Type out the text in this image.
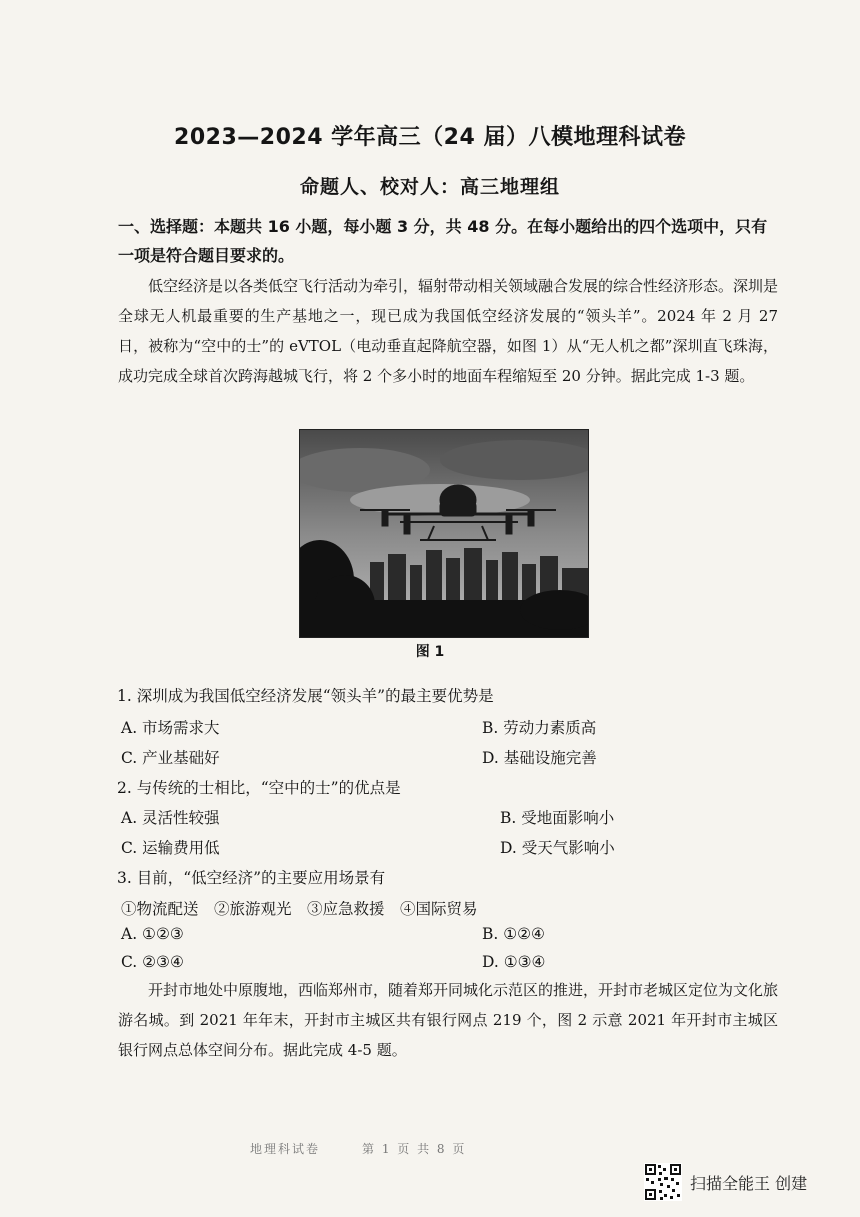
2023—2024 学年高三（24 届）八模地理科试卷
命题人、校对人：高三地理组
一、选择题：本题共 16 小题，每小题 3 分，共 48 分。在每小题给出的四个选项中，只有一项是符合题目要求的。
低空经济是以各类低空飞行活动为牵引，辐射带动相关领域融合发展的综合性经济形态。深圳是全球无人机最重要的生产基地之一，现已成为我国低空经济发展的“领头羊”。2024 年 2 月 27 日，被称为“空中的士”的 eVTOL（电动垂直起降航空器，如图 1）从“无人机之都”深圳直飞珠海，成功完成全球首次跨海越城飞行，将 2 个多小时的地面车程缩短至 20 分钟。据此完成 1-3 题。
图 1
1. 深圳成为我国低空经济发展“领头羊”的最主要优势是
A. 市场需求大	B. 劳动力素质高
C. 产业基础好	D. 基础设施完善
2. 与传统的士相比，“空中的士”的优点是
A. 灵活性较强	B. 受地面影响小
C. 运输费用低	D. 受天气影响小
3. 目前，“低空经济”的主要应用场景有
①物流配送　②旅游观光　③应急救援　④国际贸易
A. ①②③	B. ①②④
C. ②③④	D. ①③④
开封市地处中原腹地，西临郑州市，随着郑开同城化示范区的推进，开封市老城区定位为文化旅游名城。到 2021 年年末，开封市主城区共有银行网点 219 个，图 2 示意 2021 年开封市主城区银行网点总体空间分布。据此完成 4-5 题。
地理科试卷　　　第 1 页 共 8 页
扫描全能王 创建
